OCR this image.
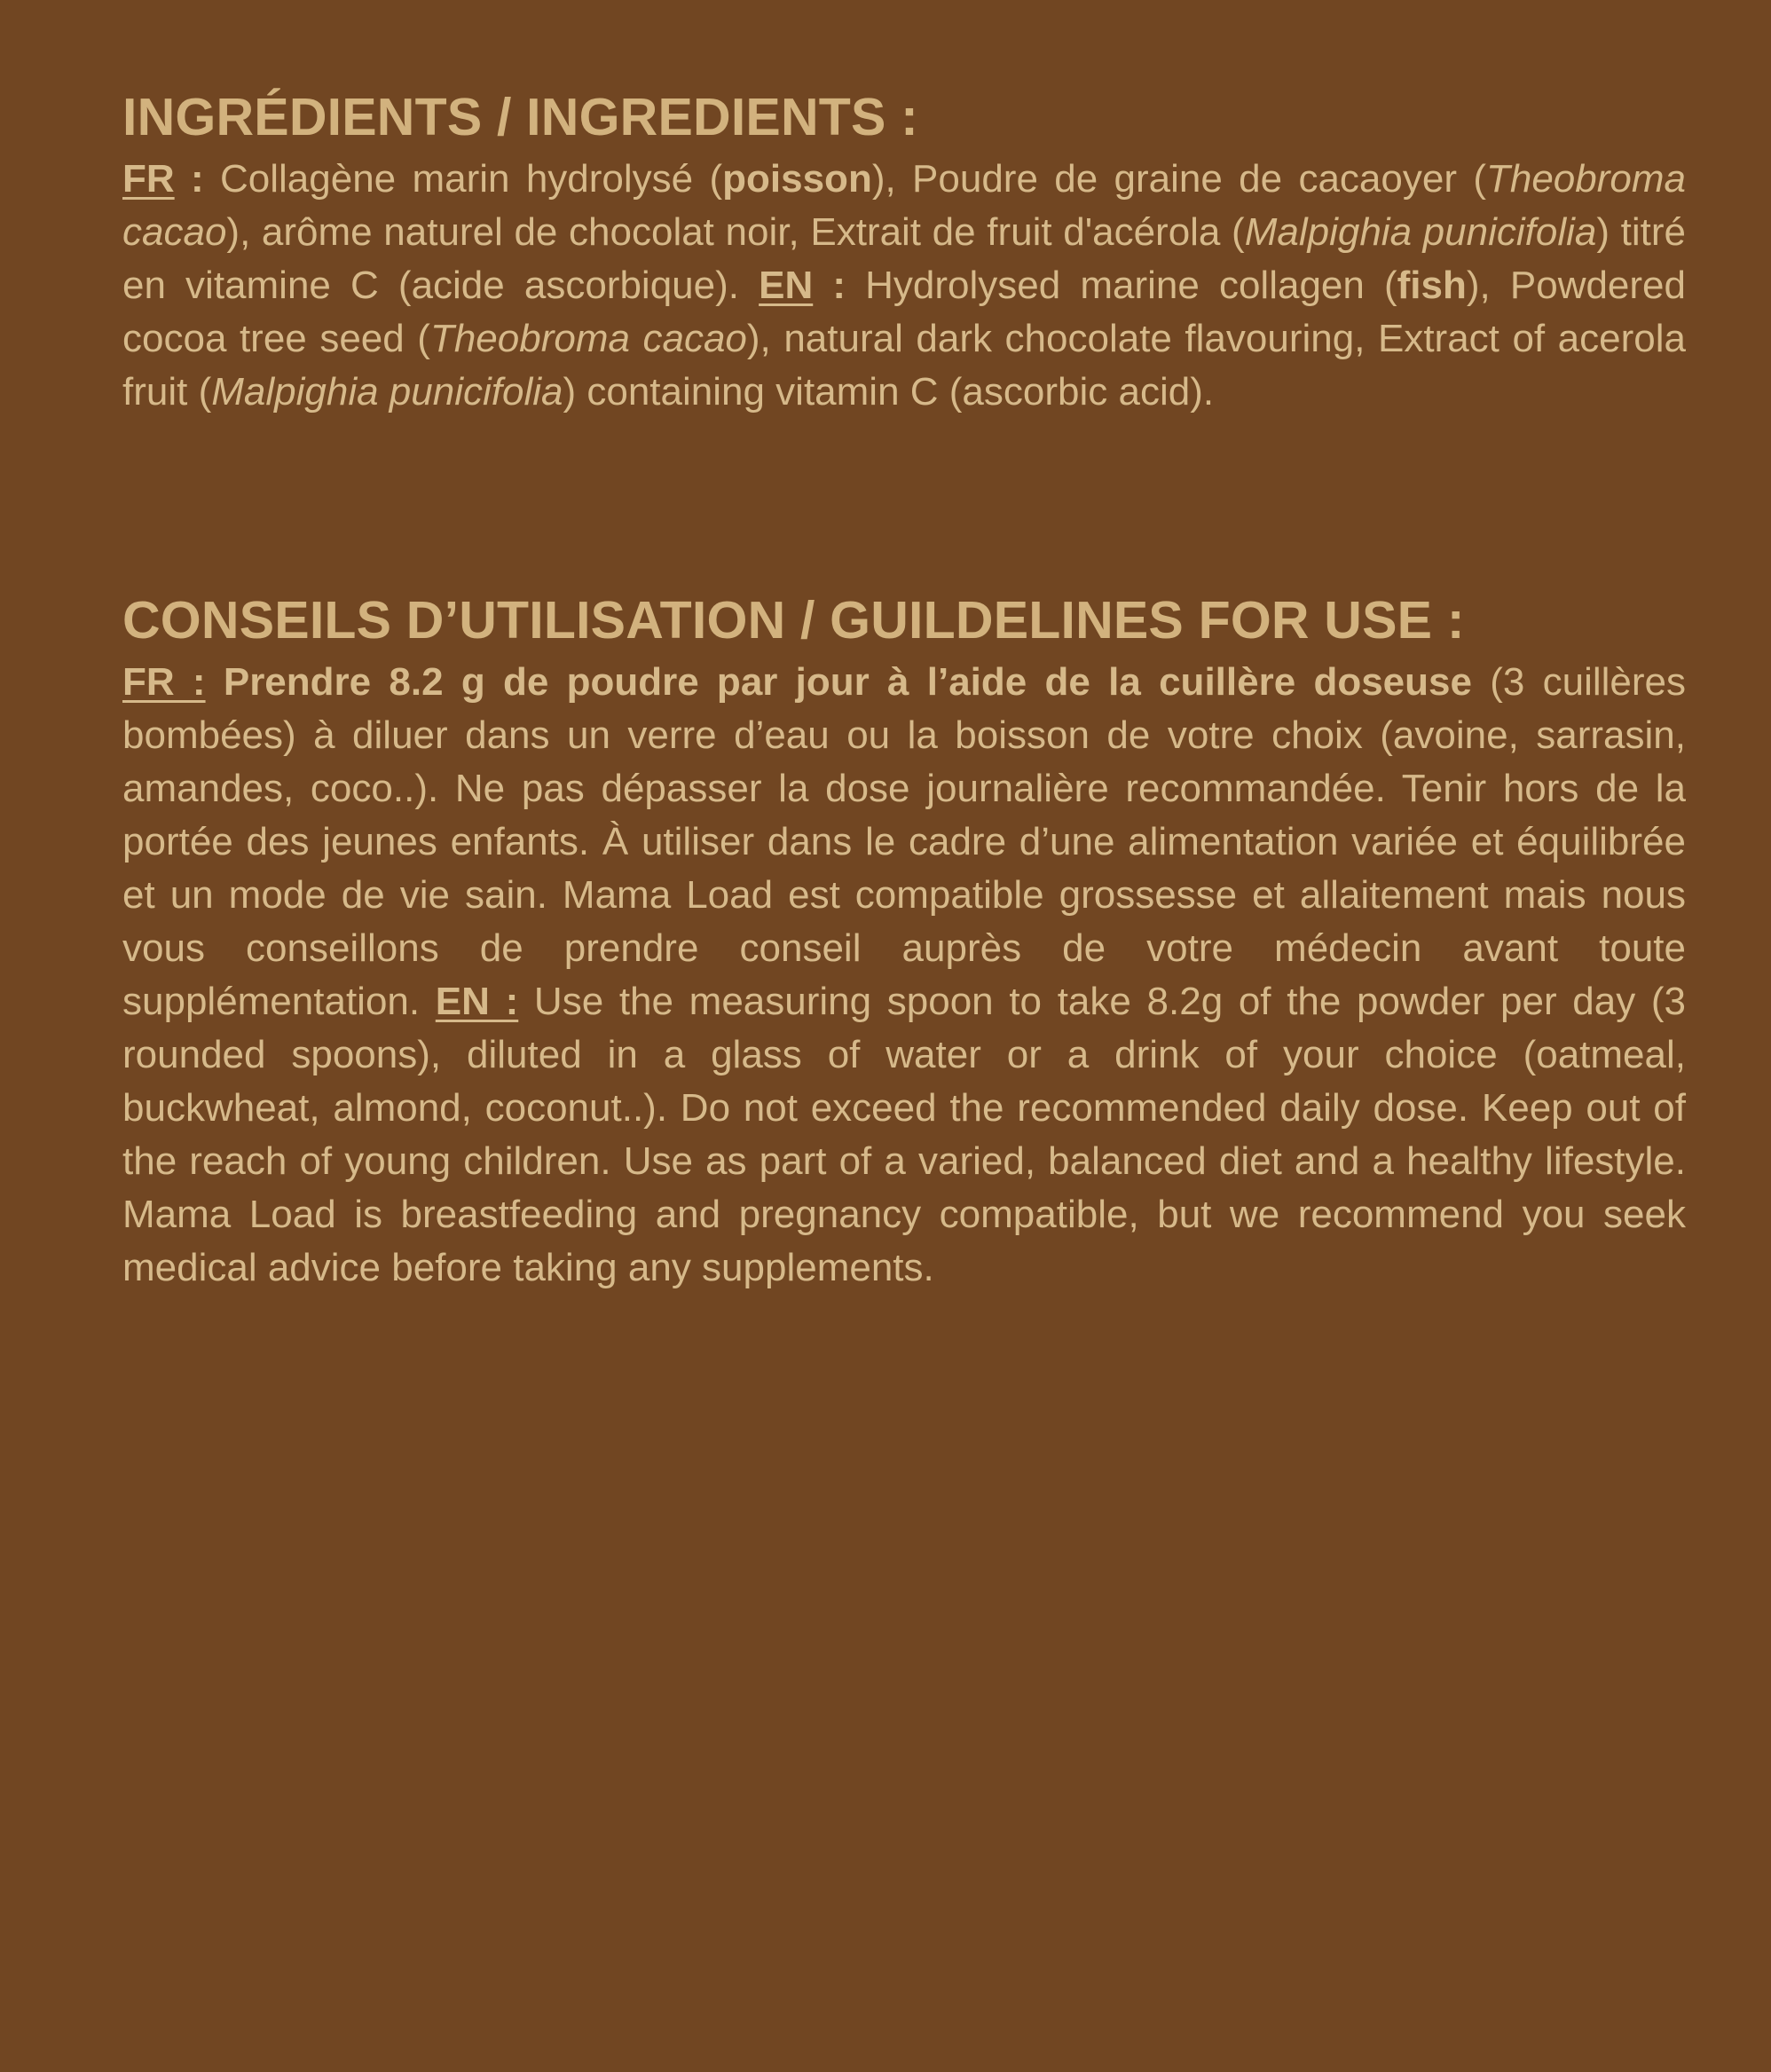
INGRÉDIENTS / INGREDIENTS :

FR : Collagène marin hydrolysé (poisson), Poudre de graine de cacaoyer (Theobroma cacao), arôme naturel de chocolat noir, Extrait de fruit d'acérola (Malpighia punicifolia) titré en vitamine C (acide ascorbique). EN : Hydrolysed marine collagen (fish), Powdered cocoa tree seed (Theobroma cacao), natural dark chocolate flavouring, Extract of acerola fruit (Malpighia punicifolia) containing vitamin C (ascorbic acid).

CONSEILS D’UTILISATION / GUILDELINES FOR USE :

FR : Prendre 8.2 g de poudre par jour à l’aide de la cuillère doseuse (3 cuillères bombées) à diluer dans un verre d’eau ou la boisson de votre choix (avoine, sarrasin, amandes, coco..). Ne pas dépasser la dose journalière recommandée. Tenir hors de la portée des jeunes enfants. À utiliser dans le cadre d’une alimentation variée et équilibrée et un mode de vie sain. Mama Load est compatible grossesse et allaitement mais nous vous conseillons de prendre conseil auprès de votre médecin avant toute supplémentation. EN : Use the measuring spoon to take 8.2g of the powder per day (3 rounded spoons), diluted in a glass of water or a drink of your choice (oatmeal, buckwheat, almond, coconut..). Do not exceed the recommended daily dose. Keep out of the reach of young children. Use as part of a varied, balanced diet and a healthy lifestyle. Mama Load is breastfeeding and pregnancy compatible, but we recommend you seek medical advice before taking any supplements.
